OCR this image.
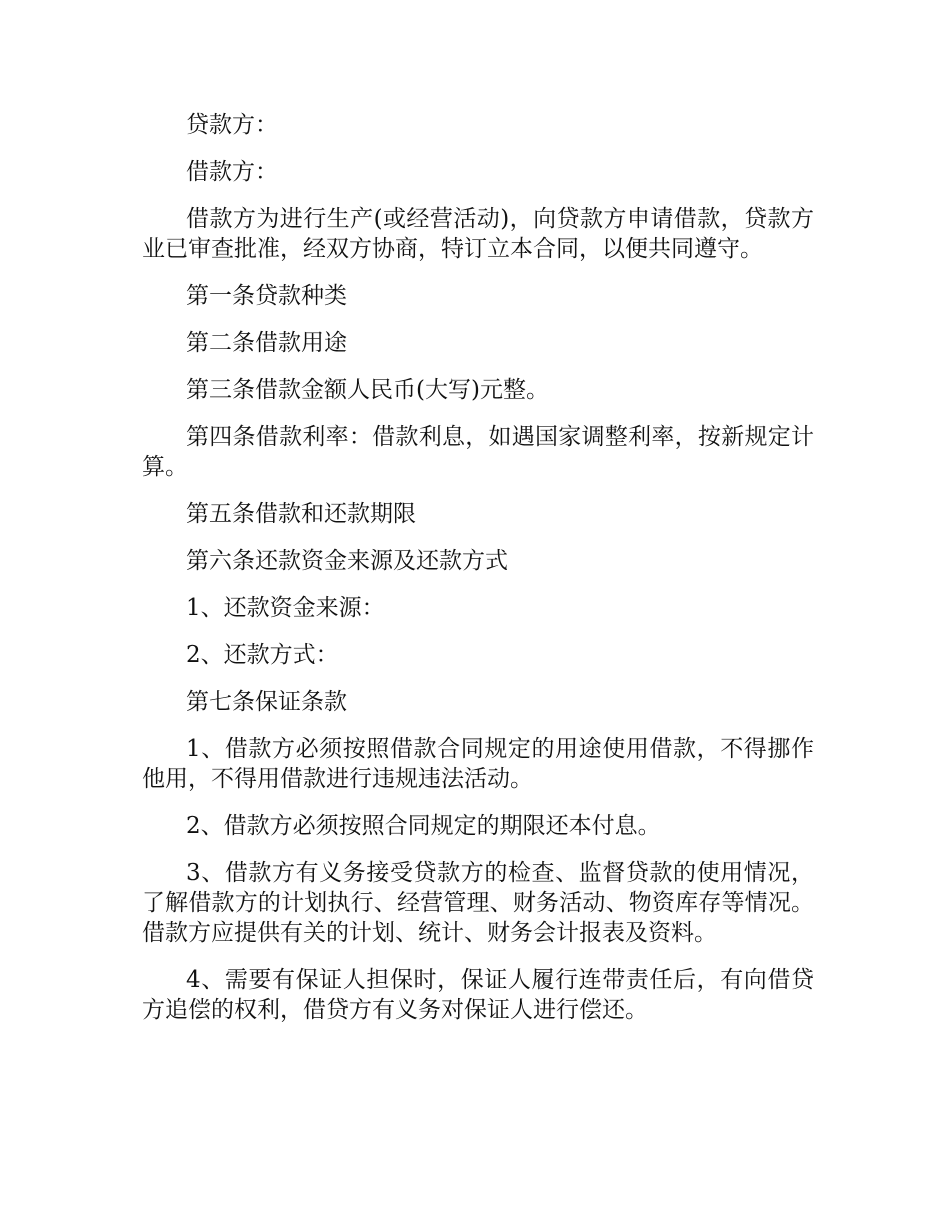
贷款方：

借款方：

借款方为进行生产(或经营活动)，向贷款方申请借款，贷款方业已审查批准，经双方协商，特订立本合同，以便共同遵守。

第一条贷款种类

第二条借款用途

第三条借款金额人民币(大写)元整。

第四条借款利率：借款利息，如遇国家调整利率，按新规定计算。

第五条借款和还款期限

第六条还款资金来源及还款方式

1、还款资金来源：

2、还款方式：

第七条保证条款

1、借款方必须按照借款合同规定的用途使用借款，不得挪作他用，不得用借款进行违规违法活动。

2、借款方必须按照合同规定的期限还本付息。

3、借款方有义务接受贷款方的检查、监督贷款的使用情况，了解借款方的计划执行、经营管理、财务活动、物资库存等情况。借款方应提供有关的计划、统计、财务会计报表及资料。

4、需要有保证人担保时，保证人履行连带责任后，有向借贷方追偿的权利，借贷方有义务对保证人进行偿还。
